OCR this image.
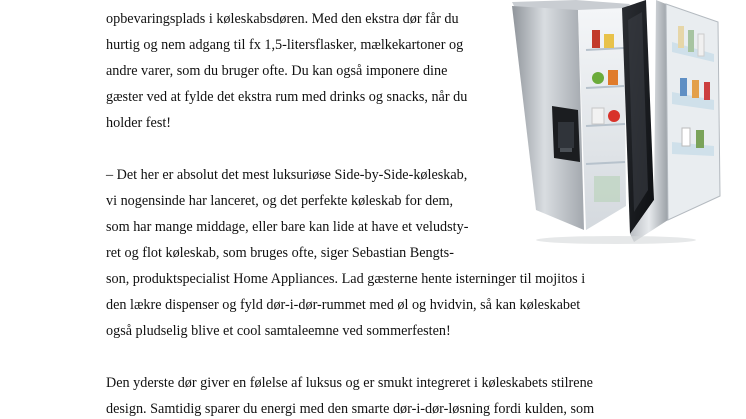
opbevaringsplads i køleskabsdøren. Med den ekstra dør får du

hurtig og nem adgang til fx 1,5-litersflasker, mælkekartoner og

andre varer, som du bruger ofte. Du kan også imponere dine

gæster ved at fylde det ekstra rum med drinks og snacks, når du

holder fest!

– Det her er absolut det mest luksuriøse Side-by-Side-køleskab,

vi nogensinde har lanceret, og det perfekte køleskab for dem,

som har mange middage, eller bare kan lide at have et veludsty-

ret og flot køleskab, som bruges ofte, siger Sebastian Bengts-

son, produktspecialist Home Appliances. Lad gæsterne hente isterninger til mojitos i

den lækre dispenser og fyld dør-i-dør-rummet med øl og hvidvin, så kan køleskabet

også pludselig blive et cool samtaleemne ved sommerfesten!

Den yderste dør giver en følelse af luksus og er smukt integreret i køleskabets stilrene

design. Samtidig sparer du energi med den smarte dør-i-dør-løsning fordi kulden, som
